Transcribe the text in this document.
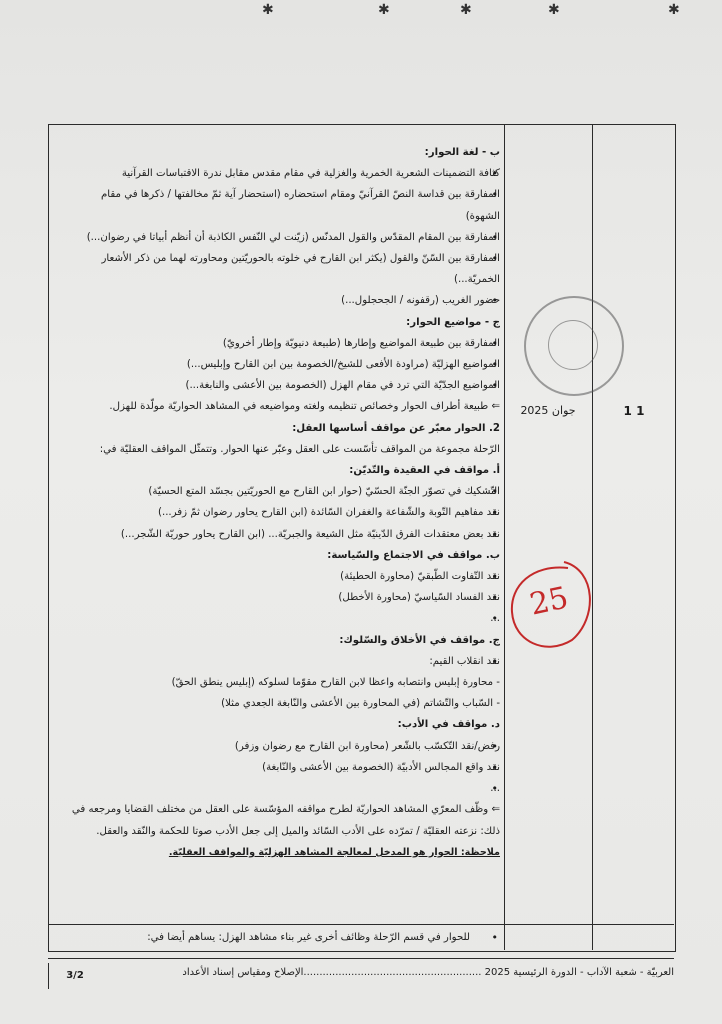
✱	✱	✱	✱	✱

ب - لغة الحوار:

• كثافة التضمينات الشعرية الخمرية والغزلية في مقام مقدس مقابل ندرة الاقتباسات القرآنية

• المفارقة بين قداسة النصّ القرآنيّ ومقام استحضاره (استحضار آية ثمّ مخالفتها / ذكرها في مقام

الشهوة)

• المفارقة بين المقام المقدّس والقول المدنّس (زيّنت لي النّفس الكاذبة أن أنظم أبياتا في رضوان...)

• المفارقة بين السّنّ والقول (يكثر ابن القارح في خلوته بالحوريّتين ومحاورته لهما من ذكر الأشعار

الخمريّة...)

• حضور الغريب (رقفونه / الجحجلول...)

ج - مواضيع الحوار:

• المفارقة بين طبيعة المواضيع وإطارها (طبيعة دنيويّة وإطار أخرويّ)

• المواضيع الهزليّة (مراودة الأفعى للشيخ/الخصومة بين ابن القارح وإبليس...)

• المواضيع الجدّيّة التي ترد في مقام الهزل (الخصومة بين الأعشى والنابغة...)

⇐ طبيعة أطراف الحوار وخصائص تنظيمه ولغته ومواضيعه في المشاهد الحواريّة مولّدة للهزل.

2. الحوار معبّر عن مواقف أساسها العقل:

الرّحلة مجموعة من المواقف تأسّست على العقل وعبّر عنها الحوار. وتتمثّل المواقف العقليّة في:

أ. مواقف في العقيدة والتّديّن:

• التّشكيك في تصوّر الجنّة الحسّيّ (حوار ابن القارح مع الحوريّتين بجسّد المتع الحسيّة)

• نقد مفاهيم التّوبة والشّفاعة والغفران السّائدة (ابن القارح يحاور رضوان ثمّ زفر...)

• نقد بعض معتقدات الفرق الدّينيّة مثل الشيعة والجبريّة... (ابن القارح يحاور حوريّة الشّجر...)

ب. مواقف في الاجتماع والسّياسة:

• نقد التّفاوت الطّبقيّ (محاورة الحطيئة)

• نقد الفساد السّياسيّ (محاورة الأخطل)

• ...

ج. مواقف في الأخلاق والسّلوك:

• نقد انقلاب القيم:

- محاورة إبليس وانتصابه واعظا لابن القارح مقوّما لسلوكه (إبليس ينطق الحقّ)

- السّباب والتّشاتم (في المحاورة بين الأعشى والنّابغة الجعدي مثلا)

د. مواقف في الأدب:

• رفض/نقد التّكسّب بالشّعر (محاورة ابن القارح مع رضوان وزفر)

• نقد واقع المجالس الأدبيّة (الخصومة بين الأعشى والنّابغة)

• ...

⇐ وظّف المعرّي المشاهد الحواريّة لطرح مواقفه المؤسّسة على العقل من مختلف القضايا ومرجعه في

ذلك: نزعته العقليّة / تمرّده على الأدب السّائد والميل إلى جعل الأدب صوتا للحكمة والنّقد والعقل.

ملاحظة: الحوار هو المدخل لمعالجة المشاهد الهزليّة والمواقف العقليّة.

• للحوار في قسم الرّحلة وظائف أخرى غير بناء مشاهد الهزل: يساهم أيضا في:

جوان 2025	1 1
25
3/2	العربيّة - شعبة الآداب - الدورة الرئيسية 2025 ........................................................الإصلاح ومقياس إسناد الأعداد
